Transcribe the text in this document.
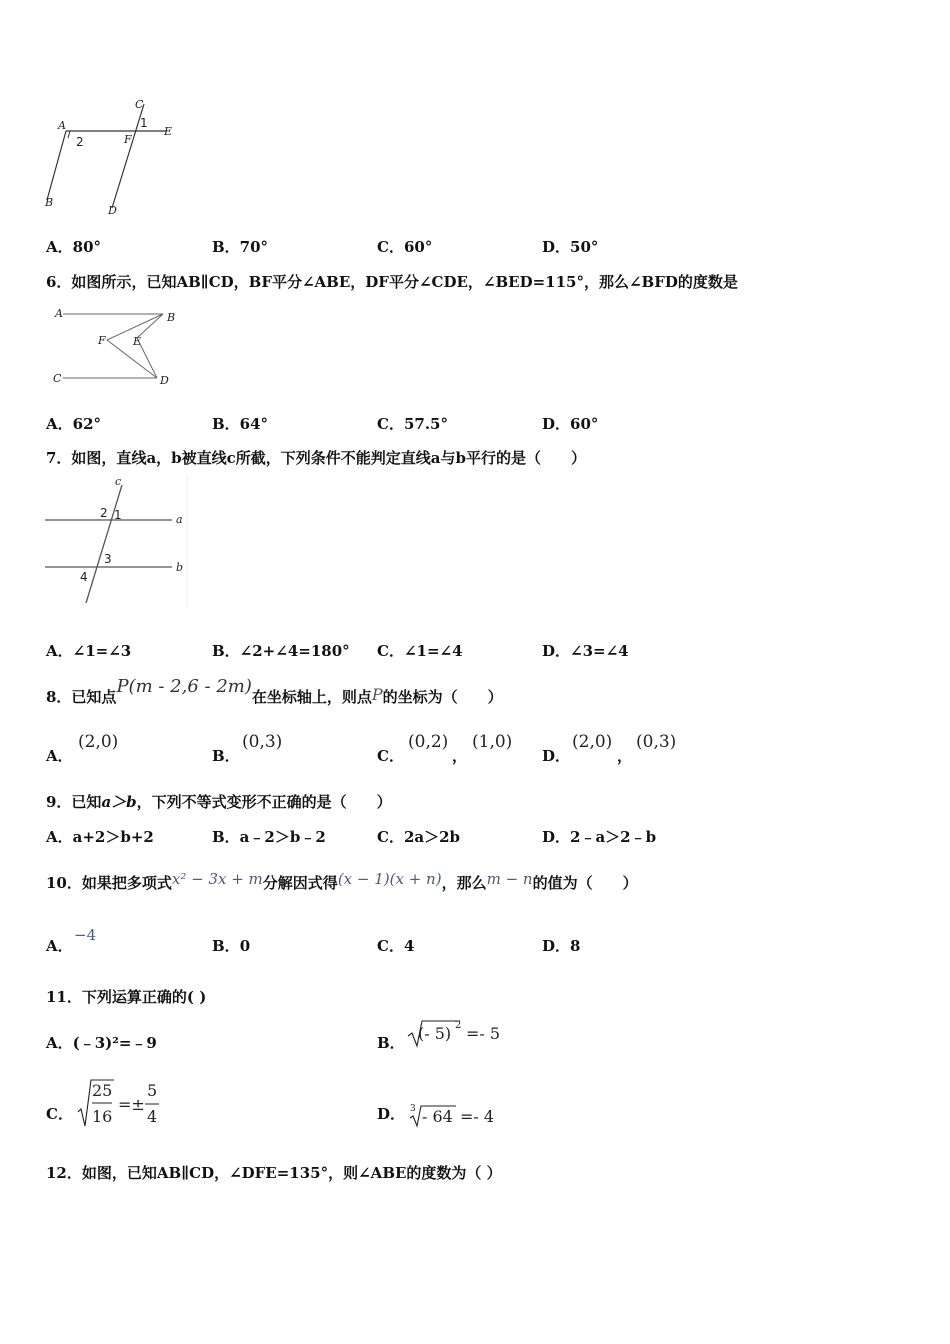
C
1
A	E
2	F
B
D
A．80°	B．70°	C．60°	D．50°
6．如图所示，已知AB∥CD，BF平分∠ABE，DF平分∠CDE，∠BED=115°，那么∠BFD的度数是
A	B
F E
C	D
A．62°	B．64°	C．57.5°	D．60°
7．如图，直线a，b被直线c所截，下列条件不能判定直线a与b平行的是（　　）
c
2 1	a
3
4
b
A．∠1=∠3	B．∠2+∠4=180° C．∠1=∠4	D．∠3=∠4
8．已知点P(m - 2,6 - 2m)在坐标轴上，则点P的坐标为（　　）
A．
(2,0)
B．
(0,3)
C．
(0,2)
，
(1,0)
D．
(2,0)
，
(0,3)
9．已知a＞b，下列不等式变形不正确的是（　　）
A．a+2＞b+2	B．a﹣2＞b﹣2	C．2a＞2b	D．2﹣a＞2﹣b
10．如果把多项式x² − 3x + m分解因式得(x − 1)(x + n)，那么m − n的值为（　　）
A．
−4
B．0	C．4	D．8
11．下列运算正确的( )
A．(﹣3)²=﹣9	B． (- 5) 2 =- 5
C．
25
16
=±
5
4	D． 3 - 64 =- 4
12．如图，已知AB∥CD，∠DFE=135°，则∠ABE的度数为（ ）
